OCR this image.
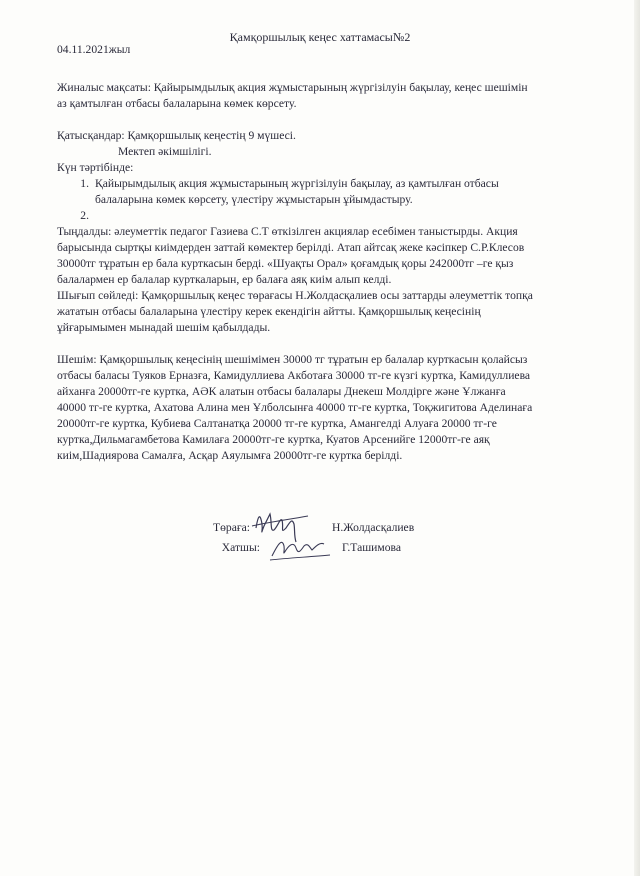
Қамқоршылық кеңес хаттамасы№2
04.11.2021жыл
Жиналыс мақсаты: Қайырымдылық акция жұмыстарының жүргізілуін бақылау, кеңес шешімін
аз қамтылған отбасы балаларына көмек көрсету.
Қатысқандар: Қамқоршылық кеңестің 9 мүшесі.
Мектеп әкімшілігі.
Күн тәртібінде:
1. Қайырымдылық акция жұмыстарының жүргізілуін бақылау, аз қамтылған отбасы
балаларына көмек көрсету, үлестіру жұмыстарын ұйымдастыру.
2.
Тыңдалды: әлеуметтік педагог Газиева С.Т өткізілген акциялар есебімен таныстырды. Акция
барысында сыртқы киімдерден заттай көмектер берілді. Атап айтсақ жеке кәсіпкер С.Р.Клесов
30000тг тұратын ер бала курткасын берді. «Шуақты Орал» қоғамдық қоры 242000тг –ге қыз
балалармен ер балалар курткаларын, ер балаға аяқ киім алып келді.
Шығып сөйледі: Қамқоршылық кеңес төрағасы Н.Жолдасқалиев осы заттарды әлеуметтік топқа
жататын отбасы балаларына үлестіру керек екендігін айтты. Қамқоршылық кеңесінің
ұйғарымымен мынадай шешім қабылдады.
Шешім: Қамқоршылық кеңесінің шешімімен 30000 тг тұратын ер балалар курткасын қолайсыз
отбасы баласы Туяков Ерназға, Камидуллиева Акботаға 30000 тг-ге күзгі куртка, Камидуллиева
айханға 20000тг-ге куртка, АӘК алатын отбасы балалары Днекеш Молдірге және Ұлжанға
40000 тг-ге куртка, Ахатова Алина мен Ұлболсынға 40000 тг-ге куртка, Тоқжигитова Аделинаға
20000тг-ге куртка, Кубиева Салтанатқа 20000 тг-ге куртка, Амангелді Алуаға 20000 тг-ге
куртка,Дильмагамбетова Камилаға 20000тг-ге куртка, Куатов Арсенийге 12000тг-ге аяқ
киім,Шадиярова Самалға, Асқар Аяулымға 20000тг-ге куртка берілді.
Төраға:	Н.Жолдасқалиев
Хатшы:	Г.Ташимова
